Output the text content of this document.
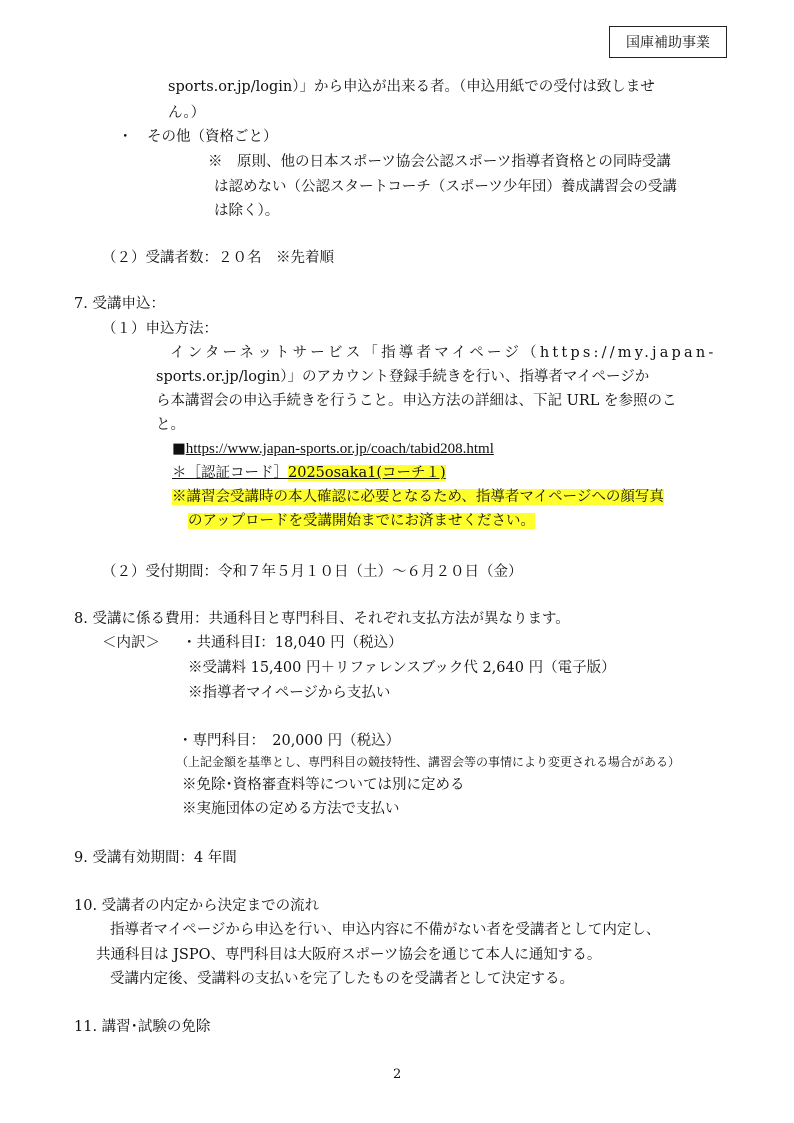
国庫補助事業
sports.or.jp/login）」から申込が出来る者。（申込用紙での受付は致しませ
ん。）
・　その他（資格ごと）
※　原則、他の日本スポーツ協会公認スポーツ指導者資格との同時受講
は認めない（公認スタートコーチ（スポーツ少年団）養成講習会の受講
は除く）。
（２）受講者数：２０名　※先着順
7. 受講申込：
（１）申込方法：
インターネットサービス「指導者マイページ（https://my.japan-
sports.or.jp/login）」のアカウント登録手続きを行い、指導者マイページか
ら本講習会の申込手続きを行うこと。申込方法の詳細は、下記 URL を参照のこ
と。
■https://www.japan-sports.or.jp/coach/tabid208.html
＊［認証コード］2025osaka1(コーチ１)
※講習会受講時の本人確認に必要となるため、指導者マイページへの顔写真
のアップロードを受講開始までにお済ませください。
（２）受付期間：令和７年５月１０日（土）～６月２０日（金）
8. 受講に係る費用：共通科目と専門科目、それぞれ支払方法が異なります。
＜内訳＞ ・共通科目Ⅰ：18,040 円（税込）
※受講料 15,400 円＋リファレンスブック代 2,640 円（電子版）
※指導者マイページから支払い
・専門科目：　20,000 円（税込）
（上記金額を基準とし、専門科目の競技特性、講習会等の事情により変更される場合がある）
※免除･資格審査料等については別に定める
※実施団体の定める方法で支払い
9. 受講有効期間：4 年間
10. 受講者の内定から決定までの流れ
指導者マイページから申込を行い、申込内容に不備がない者を受講者として内定し、
共通科目は JSPO、専門科目は大阪府スポーツ協会を通じて本人に通知する。
受講内定後、受講料の支払いを完了したものを受講者として決定する。
11. 講習･試験の免除
2
